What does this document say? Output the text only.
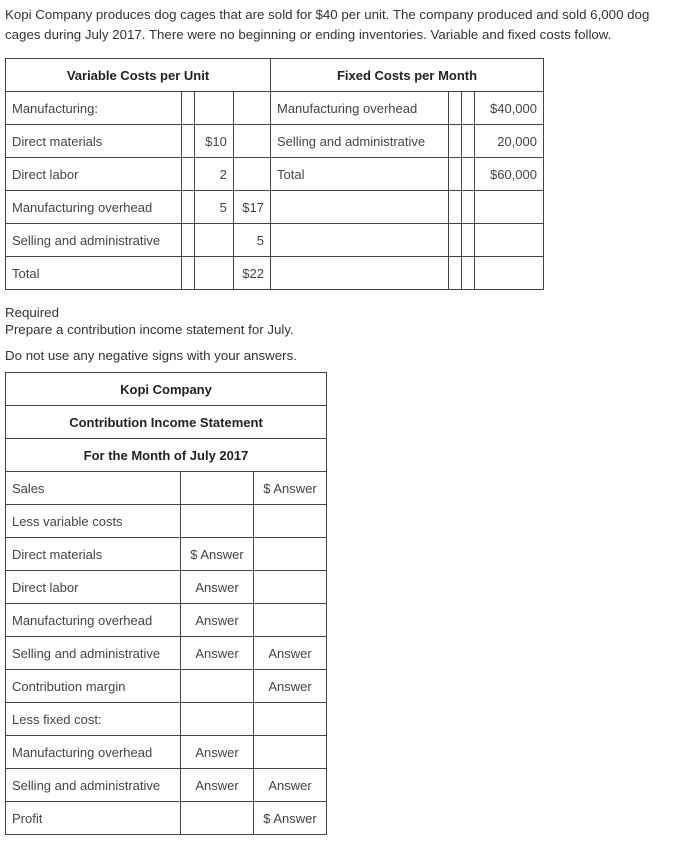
Kopi Company produces dog cages that are sold for $40 per unit. The company produced and sold 6,000 dog cages during July 2017. There were no beginning or ending inventories. Variable and fixed costs follow.
Variable Costs per Unit				Fixed Costs per Month			
Manufacturing:				Manufacturing overhead			$40,000
Direct materials		$10		Selling and administrative			20,000
Direct labor		2		Total			$60,000
Manufacturing overhead		5	$17				
Selling and administrative			5				
Total			$22				
Required
Prepare a contribution income statement for July.
Do not use any negative signs with your answers.
Kopi Company		
Contribution Income Statement		
For the Month of July 2017		
Sales		$ Answer
Less variable costs		
Direct materials	$ Answer	
Direct labor	Answer	
Manufacturing overhead	Answer	
Selling and administrative	Answer	Answer
Contribution margin		Answer
Less fixed cost:		
Manufacturing overhead	Answer	
Selling and administrative	Answer	Answer
Profit		$ Answer
